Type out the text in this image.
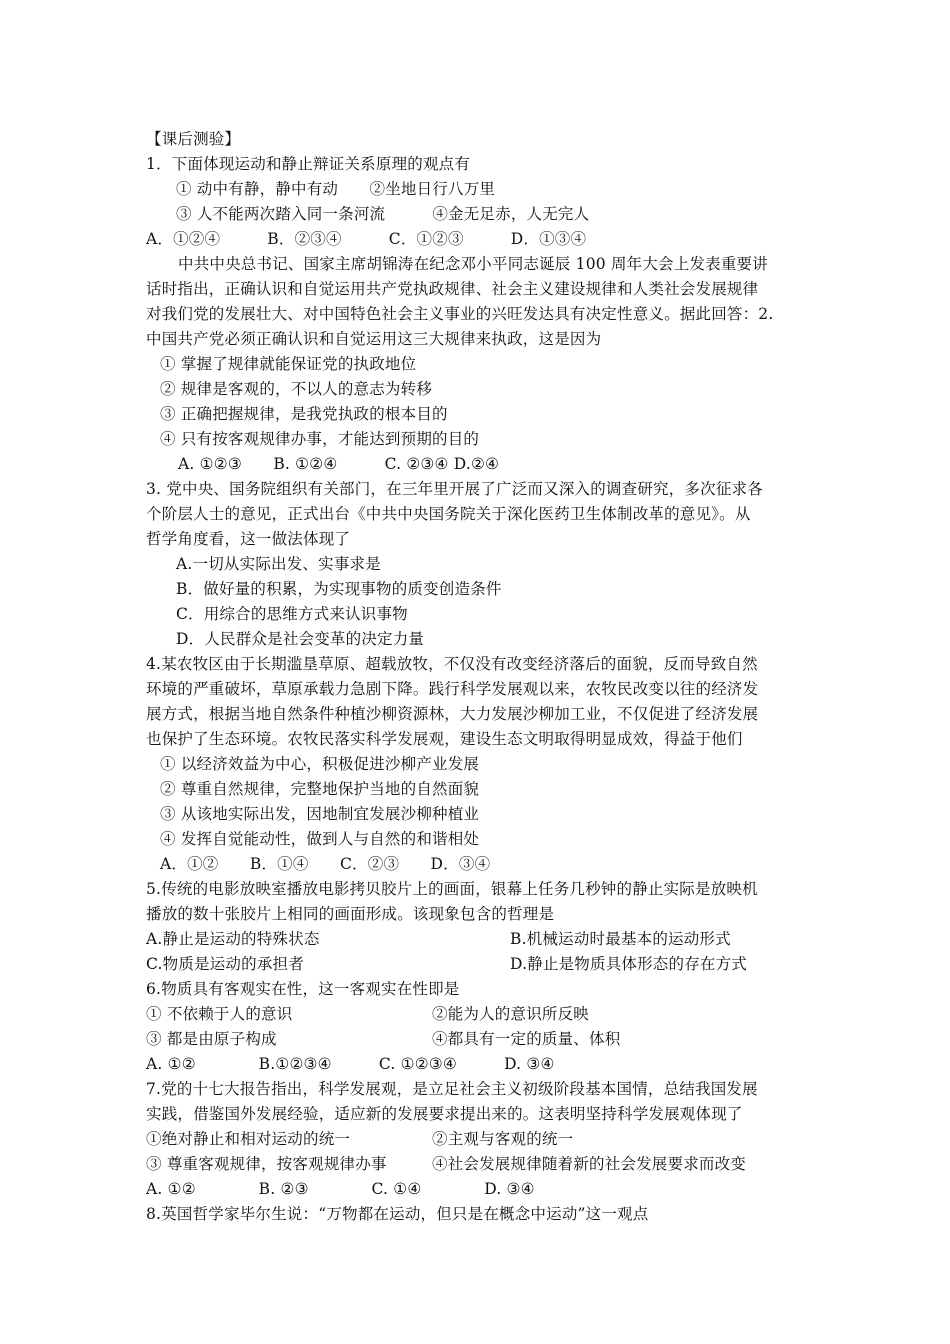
【课后测验】
1．下面体现运动和静止辩证关系原理的观点有
① 动中有静，静中有动　　②坐地日行八万里
③ 人不能两次踏入同一条河流　　　④金无足赤，人无完人
A．①②④　　　B．②③④　　　C．①②③　　　D．①③④
中共中央总书记、国家主席胡锦涛在纪念邓小平同志诞辰 100 周年大会上发表重要讲
话时指出，正确认识和自觉运用共产党执政规律、社会主义建设规律和人类社会发展规律
对我们党的发展壮大、对中国特色社会主义事业的兴旺发达具有决定性意义。据此回答：2.
中国共产党必须正确认识和自觉运用这三大规律来执政，这是因为
① 掌握了规律就能保证党的执政地位
② 规律是客观的，不以人的意志为转移
③ 正确把握规律，是我党执政的根本目的
④ 只有按客观规律办事，才能达到预期的目的
A. ①②③　　B. ①②④　　　C. ②③④ D.②④
3. 党中央、国务院组织有关部门，在三年里开展了广泛而又深入的调查研究，多次征求各
个阶层人士的意见，正式出台《中共中央国务院关于深化医药卫生体制改革的意见》。从
哲学角度看，这一做法体现了
A.一切从实际出发、实事求是
B．做好量的积累，为实现事物的质变创造条件
C．用综合的思维方式来认识事物
D．人民群众是社会变革的决定力量
4.某农牧区由于长期滥垦草原、超载放牧，不仅没有改变经济落后的面貌，反而导致自然
环境的严重破坏，草原承载力急剧下降。践行科学发展观以来，农牧民改变以往的经济发
展方式，根据当地自然条件种植沙柳资源林，大力发展沙柳加工业，不仅促进了经济发展
也保护了生态环境。农牧民落实科学发展观，建设生态文明取得明显成效，得益于他们
① 以经济效益为中心，积极促进沙柳产业发展
② 尊重自然规律，完整地保护当地的自然面貌
③ 从该地实际出发，因地制宜发展沙柳种植业
④ 发挥自觉能动性，做到人与自然的和谐相处
A．①②　　B．①④　　C．②③　　D．③④
5.传统的电影放映室播放电影拷贝胶片上的画面，银幕上任务几秒钟的静止实际是放映机
播放的数十张胶片上相同的画面形成。该现象包含的哲理是
A.静止是运动的特殊状态	B.机械运动时最基本的运动形式
C.物质是运动的承担者	D.静止是物质具体形态的存在方式
6.物质具有客观实在性，这一客观实在性即是
① 不依赖于人的意识	②能为人的意识所反映
③ 都是由原子构成	④都具有一定的质量、体积
A. ①②　　　　B.①②③④　　　C. ①②③④　　　D. ③④
7.党的十七大报告指出，科学发展观，是立足社会主义初级阶段基本国情，总结我国发展
实践，借鉴国外发展经验，适应新的发展要求提出来的。这表明坚持科学发展观体现了
①绝对静止和相对运动的统一	②主观与客观的统一
③ 尊重客观规律，按客观规律办事	④社会发展规律随着新的社会发展要求而改变
A. ①②　　　　B. ②③　　　　C. ①④　　　　D. ③④
8.英国哲学家毕尔生说：“万物都在运动，但只是在概念中运动”这一观点
